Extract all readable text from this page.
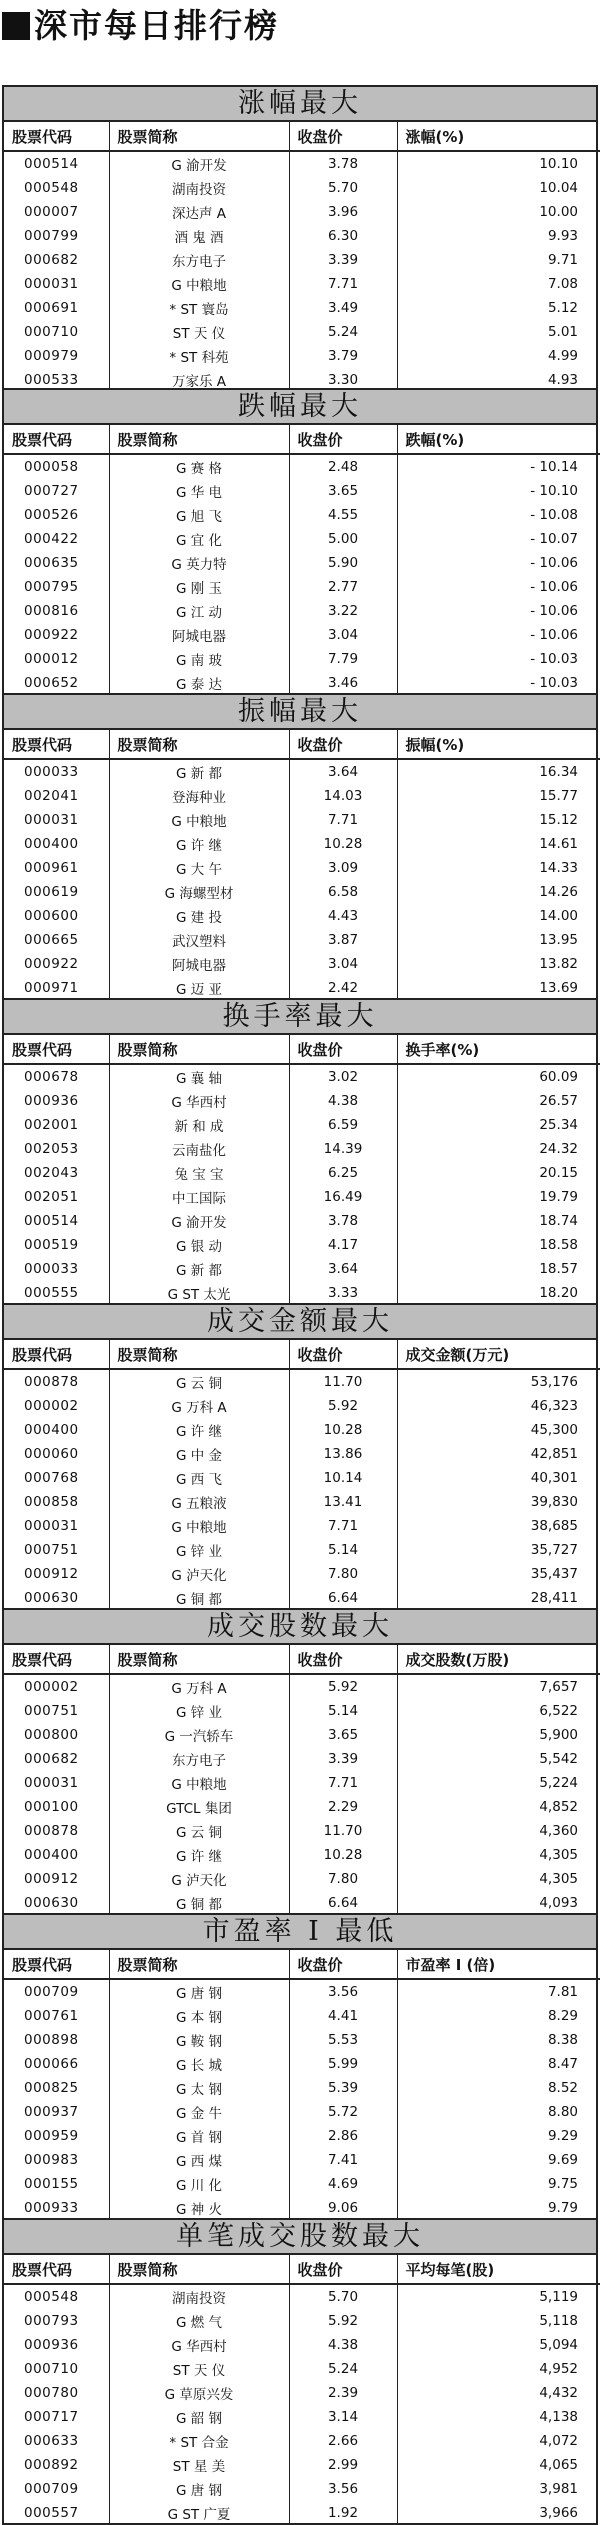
深市每日排行榜
涨幅最大
股票代码	股票简称	收盘价	涨幅(%)
000514	G 渝开发	3.78	10.10
000548	湖南投资	5.70	10.04
000007	深达声 A	3.96	10.00
000799	酒 鬼 酒	6.30	9.93
000682	东方电子	3.39	9.71
000031	G 中粮地	7.71	7.08
000691	* ST 寰岛	3.49	5.12
000710	ST 天 仪	5.24	5.01
000979	* ST 科苑	3.79	4.99
000533	万家乐 A	3.30	4.93
跌幅最大
股票代码	股票简称	收盘价	跌幅(%)
000058	G 赛 格	2.48	- 10.14
000727	G 华 电	3.65	- 10.10
000526	G 旭 飞	4.55	- 10.08
000422	G 宜 化	5.00	- 10.07
000635	G 英力特	5.90	- 10.06
000795	G 刚 玉	2.77	- 10.06
000816	G 江 动	3.22	- 10.06
000922	阿城电器	3.04	- 10.06
000012	G 南 玻	7.79	- 10.03
000652	G 泰 达	3.46	- 10.03
振幅最大
股票代码	股票简称	收盘价	振幅(%)
000033	G 新 都	3.64	16.34
002041	登海种业	14.03	15.77
000031	G 中粮地	7.71	15.12
000400	G 许 继	10.28	14.61
000961	G 大 午	3.09	14.33
000619	G 海螺型材	6.58	14.26
000600	G 建 投	4.43	14.00
000665	武汉塑料	3.87	13.95
000922	阿城电器	3.04	13.82
000971	G 迈 亚	2.42	13.69
换手率最大
股票代码	股票简称	收盘价	换手率(%)
000678	G 襄 轴	3.02	60.09
000936	G 华西村	4.38	26.57
002001	新 和 成	6.59	25.34
002053	云南盐化	14.39	24.32
002043	兔 宝 宝	6.25	20.15
002051	中工国际	16.49	19.79
000514	G 渝开发	3.78	18.74
000519	G 银 动	4.17	18.58
000033	G 新 都	3.64	18.57
000555	G ST 太光	3.33	18.20
成交金额最大
股票代码	股票简称	收盘价	成交金额(万元)
000878	G 云 铜	11.70	53,176
000002	G 万科 A	5.92	46,323
000400	G 许 继	10.28	45,300
000060	G 中 金	13.86	42,851
000768	G 西 飞	10.14	40,301
000858	G 五粮液	13.41	39,830
000031	G 中粮地	7.71	38,685
000751	G 锌 业	5.14	35,727
000912	G 泸天化	7.80	35,437
000630	G 铜 都	6.64	28,411
成交股数最大
股票代码	股票简称	收盘价	成交股数(万股)
000002	G 万科 A	5.92	7,657
000751	G 锌 业	5.14	6,522
000800	G 一汽轿车	3.65	5,900
000682	东方电子	3.39	5,542
000031	G 中粮地	7.71	5,224
000100	GTCL 集团	2.29	4,852
000878	G 云 铜	11.70	4,360
000400	G 许 继	10.28	4,305
000912	G 泸天化	7.80	4,305
000630	G 铜 都	6.64	4,093
市盈率 I 最低
股票代码	股票简称	收盘价	市盈率 I (倍)
000709	G 唐 钢	3.56	7.81
000761	G 本 钢	4.41	8.29
000898	G 鞍 钢	5.53	8.38
000066	G 长 城	5.99	8.47
000825	G 太 钢	5.39	8.52
000937	G 金 牛	5.72	8.80
000959	G 首 钢	2.86	9.29
000983	G 西 煤	7.41	9.69
000155	G 川 化	4.69	9.75
000933	G 神 火	9.06	9.79
单笔成交股数最大
股票代码	股票简称	收盘价	平均每笔(股)
000548	湖南投资	5.70	5,119
000793	G 燃 气	5.92	5,118
000936	G 华西村	4.38	5,094
000710	ST 天 仪	5.24	4,952
000780	G 草原兴发	2.39	4,432
000717	G 韶 钢	3.14	4,138
000633	* ST 合金	2.66	4,072
000892	ST 星 美	2.99	4,065
000709	G 唐 钢	3.56	3,981
000557	G ST 广夏	1.92	3,966
